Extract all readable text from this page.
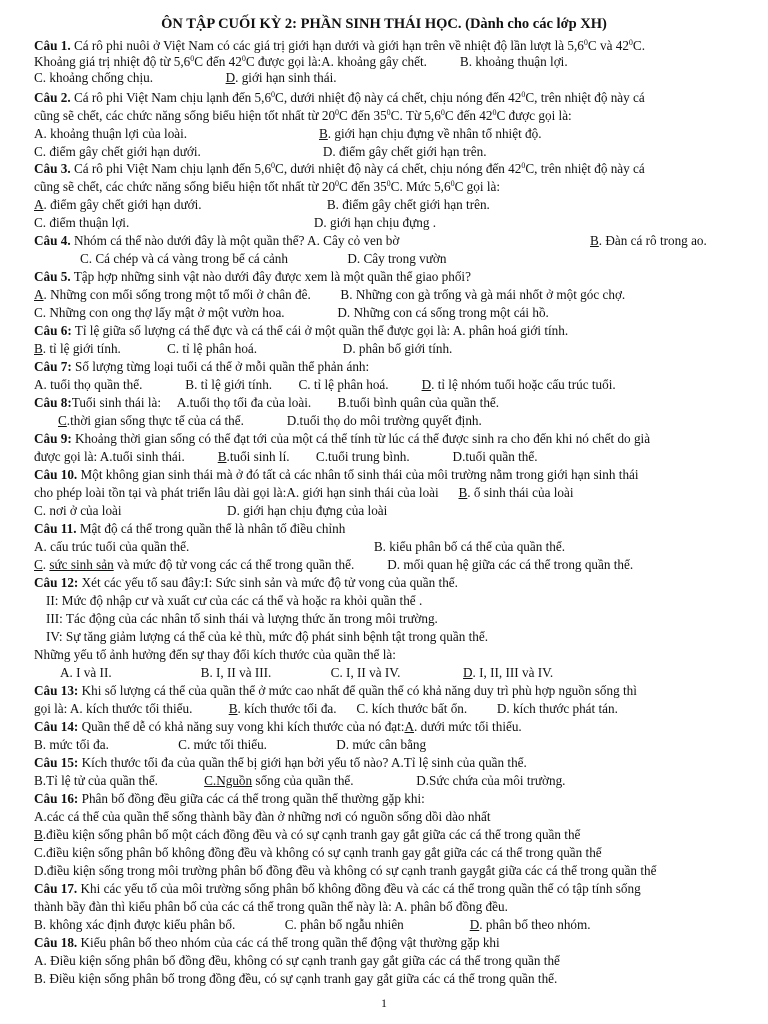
ÔN TẬP CUỐI KỲ 2: PHẦN SINH THÁI HỌC. (Dành cho các lớp XH)
Câu 1. Cá rô phi nuôi ở Việt Nam có các giá trị giới hạn dưới và giới hạn trên về nhiệt độ lần lượt là $5,6^0C$ và $42^0C$.
Khoảng giá trị nhiệt độ từ $5,6^0C$ đến $42^0C$ được gọi là:A. khoảng gây chết.          B. khoảng thuận lợi.
C. khoảng chống chịu.                      D. giới hạn sinh thái.
Câu 2. Cá rô phi Việt Nam chịu lạnh đến $5,6^0C$, dưới nhiệt độ này cá chết, chịu nóng đến $42^0C$, trên nhiệt độ này cá
cũng sẽ chết, các chức năng sống biểu hiện tốt nhất từ $20^0C$ đến $35^0C$. Từ $5,6^0C$ đến $42^0C$ được gọi là:
A. khoảng thuận lợi của loài.                                        B. giới hạn chịu đựng về nhân tố nhiệt độ.
C. điểm gây chết giới hạn dưới.                                     D. điểm gây chết giới hạn trên.
Câu 3. Cá rô phi Việt Nam chịu lạnh đến $5,6^0C$, dưới nhiệt độ này cá chết, chịu nóng đến $42^0C$, trên nhiệt độ này cá
cũng sẽ chết, các chức năng sống biểu hiện tốt nhất từ $20^0C$ đến $35^0C$. Mức $5,6^0C$ gọi là:
A. điểm gây chết giới hạn dưới.                                      B. điểm gây chết giới hạn trên.
C. điểm thuận lợi.                                                        D. giới hạn chịu đựng .
Câu 4. Nhóm cá thể nào dưới đây là một quần thể? A. Cây cỏ ven bờ	B. Đàn cá rô trong ao.
C. Cá chép và cá vàng trong bể cá cảnh                  D. Cây trong vườn
Câu 5. Tập hợp những sinh vật nào dưới đây được xem là một quần thể giao phối?
A. Những con mối sống trong một tổ mối ở chân đê.         B. Những con gà trống và gà mái nhốt ở một góc chợ.
C. Những con ong thợ lấy mật ở một vườn hoa.                D. Những con cá sống trong một cái hồ.
Câu 6: Tỉ lệ giữa số lượng cá thể đực và cá thể cái ở một quần thể được gọi là: A. phân hoá giới tính.
B. tỉ lệ giới tính.              C. tỉ lệ phân hoá.                          D. phân bố giới tính.
Câu 7: Số lượng từng loại tuổi cá thể ở mỗi quần thể phản ánh:
A. tuổi thọ quần thể.             B. tỉ lệ giới tính.        C. tỉ lệ phân hoá.          D. tỉ lệ nhóm tuổi hoặc cấu trúc tuổi.
Câu 8:Tuổi sinh thái là:     A.tuổi thọ tối đa của loài.        B.tuổi bình quân của quần thể.
C.thời gian sống thực tế của cá thể.             D.tuổi thọ do môi trường quyết định.
Câu 9: Khoảng thời gian sống có thể đạt tới của một cá thể tính từ lúc cá thể được sinh ra cho đến khi nó chết do già
được gọi là: A.tuổi sinh thái.          B.tuổi sinh lí.        C.tuổi trung bình.             D.tuổi quần thể.
Câu 10. Một không gian sinh thái mà ở đó tất cả các nhân tố sinh thái của môi trường nằm trong giới hạn sinh thái
cho phép loài tồn tại và phát triển lâu dài gọi là:A. giới hạn sinh thái của loài      B. ổ sinh thái của loài
C. nơi ở của loài                                D. giới hạn chịu đựng của loài
Câu 11. Mật độ cá thể trong quần thể là nhân tố điều chỉnh
A. cấu trúc tuổi của quần thể.                                                        B. kiểu phân bố cá thể của quần thể.
C. sức sinh sản và mức độ tử vong các cá thể trong quần thể.          D. mối quan hệ giữa các cá thể trong quần thể.
Câu 12: Xét các yếu tố sau đây:I: Sức sinh sản và mức độ tử vong của quần thể.
II: Mức độ nhập cư và xuất cư của các cá thể và hoặc ra khỏi quần thể .
III: Tác động của các nhân tố sinh thái và lượng thức ăn trong môi trường.
IV: Sự tăng giảm lượng cá thể của kẻ thù, mức độ phát sinh bệnh tật trong quần thể.
Những yếu tố ảnh hưởng đến sự thay đổi kích thước của quần thể là:
A. I và II.                           B. I, II và III.                  C. I, II và IV.                   D. I, II, III và IV.
Câu 13: Khi số lượng cá thể của quần thể ở mức cao nhất để quần thể có khả năng duy trì phù hợp nguồn sống thì
gọi là: A. kích thước tối thiểu.           B. kích thước tối đa.      C. kích thước bất ổn.         D. kích thước phát tán.
Câu 14: Quần thể dễ có khả năng suy vong khi kích thước của nó đạt:A. dưới mức tối thiểu.
B. mức tối đa.                     C. mức tối thiểu.                     D. mức cân bằng
Câu 15: Kích thước tối đa của quần thể bị giới hạn bởi yếu tố nào? A.Tỉ lệ sinh của quần thể.
B.Tỉ lệ tử của quần thể.              C.Nguồn sống của quần thể.                   D.Sức chứa của môi trường.
Câu 16: Phân bố đồng đều giữa các cá thể trong quần thể thường gặp khi:
A.các cá thể của quần thể sống thành bầy đàn ở những nơi có nguồn sống dồi dào nhất
B.điều kiện sống phân bố một cách đồng đều và có sự cạnh tranh gay gắt giữa các cá thể trong quần thể
C.điều kiện sống phân bố không đồng đều và không có sự cạnh tranh gay gắt giữa các cá thể trong quần thể
D.điều kiện sống trong môi trường phân bố đồng đều và không có sự cạnh tranh gaygắt giữa các cá thể trong quần thể
Câu 17. Khi các yếu tố của môi trường sống phân bố không đồng đều và các cá thể trong quần thể có tập tính sống
thành bầy đàn thì kiểu phân bố của các cá thể trong quần thể này là: A. phân bố đồng đều.
B. không xác định được kiểu phân bố.               C. phân bố ngẫu nhiên                    D. phân bố theo nhóm.
Câu 18. Kiểu phân bố theo nhóm của các cá thể trong quần thể động vật thường gặp khi
A. Điều kiện sống phân bố đồng đều, không có sự cạnh tranh gay gắt giữa các cá thể trong quần thể
B. Điều kiện sống phân bố trong đồng đều, có sự cạnh tranh gay gắt giữa các cá thể trong quần thể.
1
